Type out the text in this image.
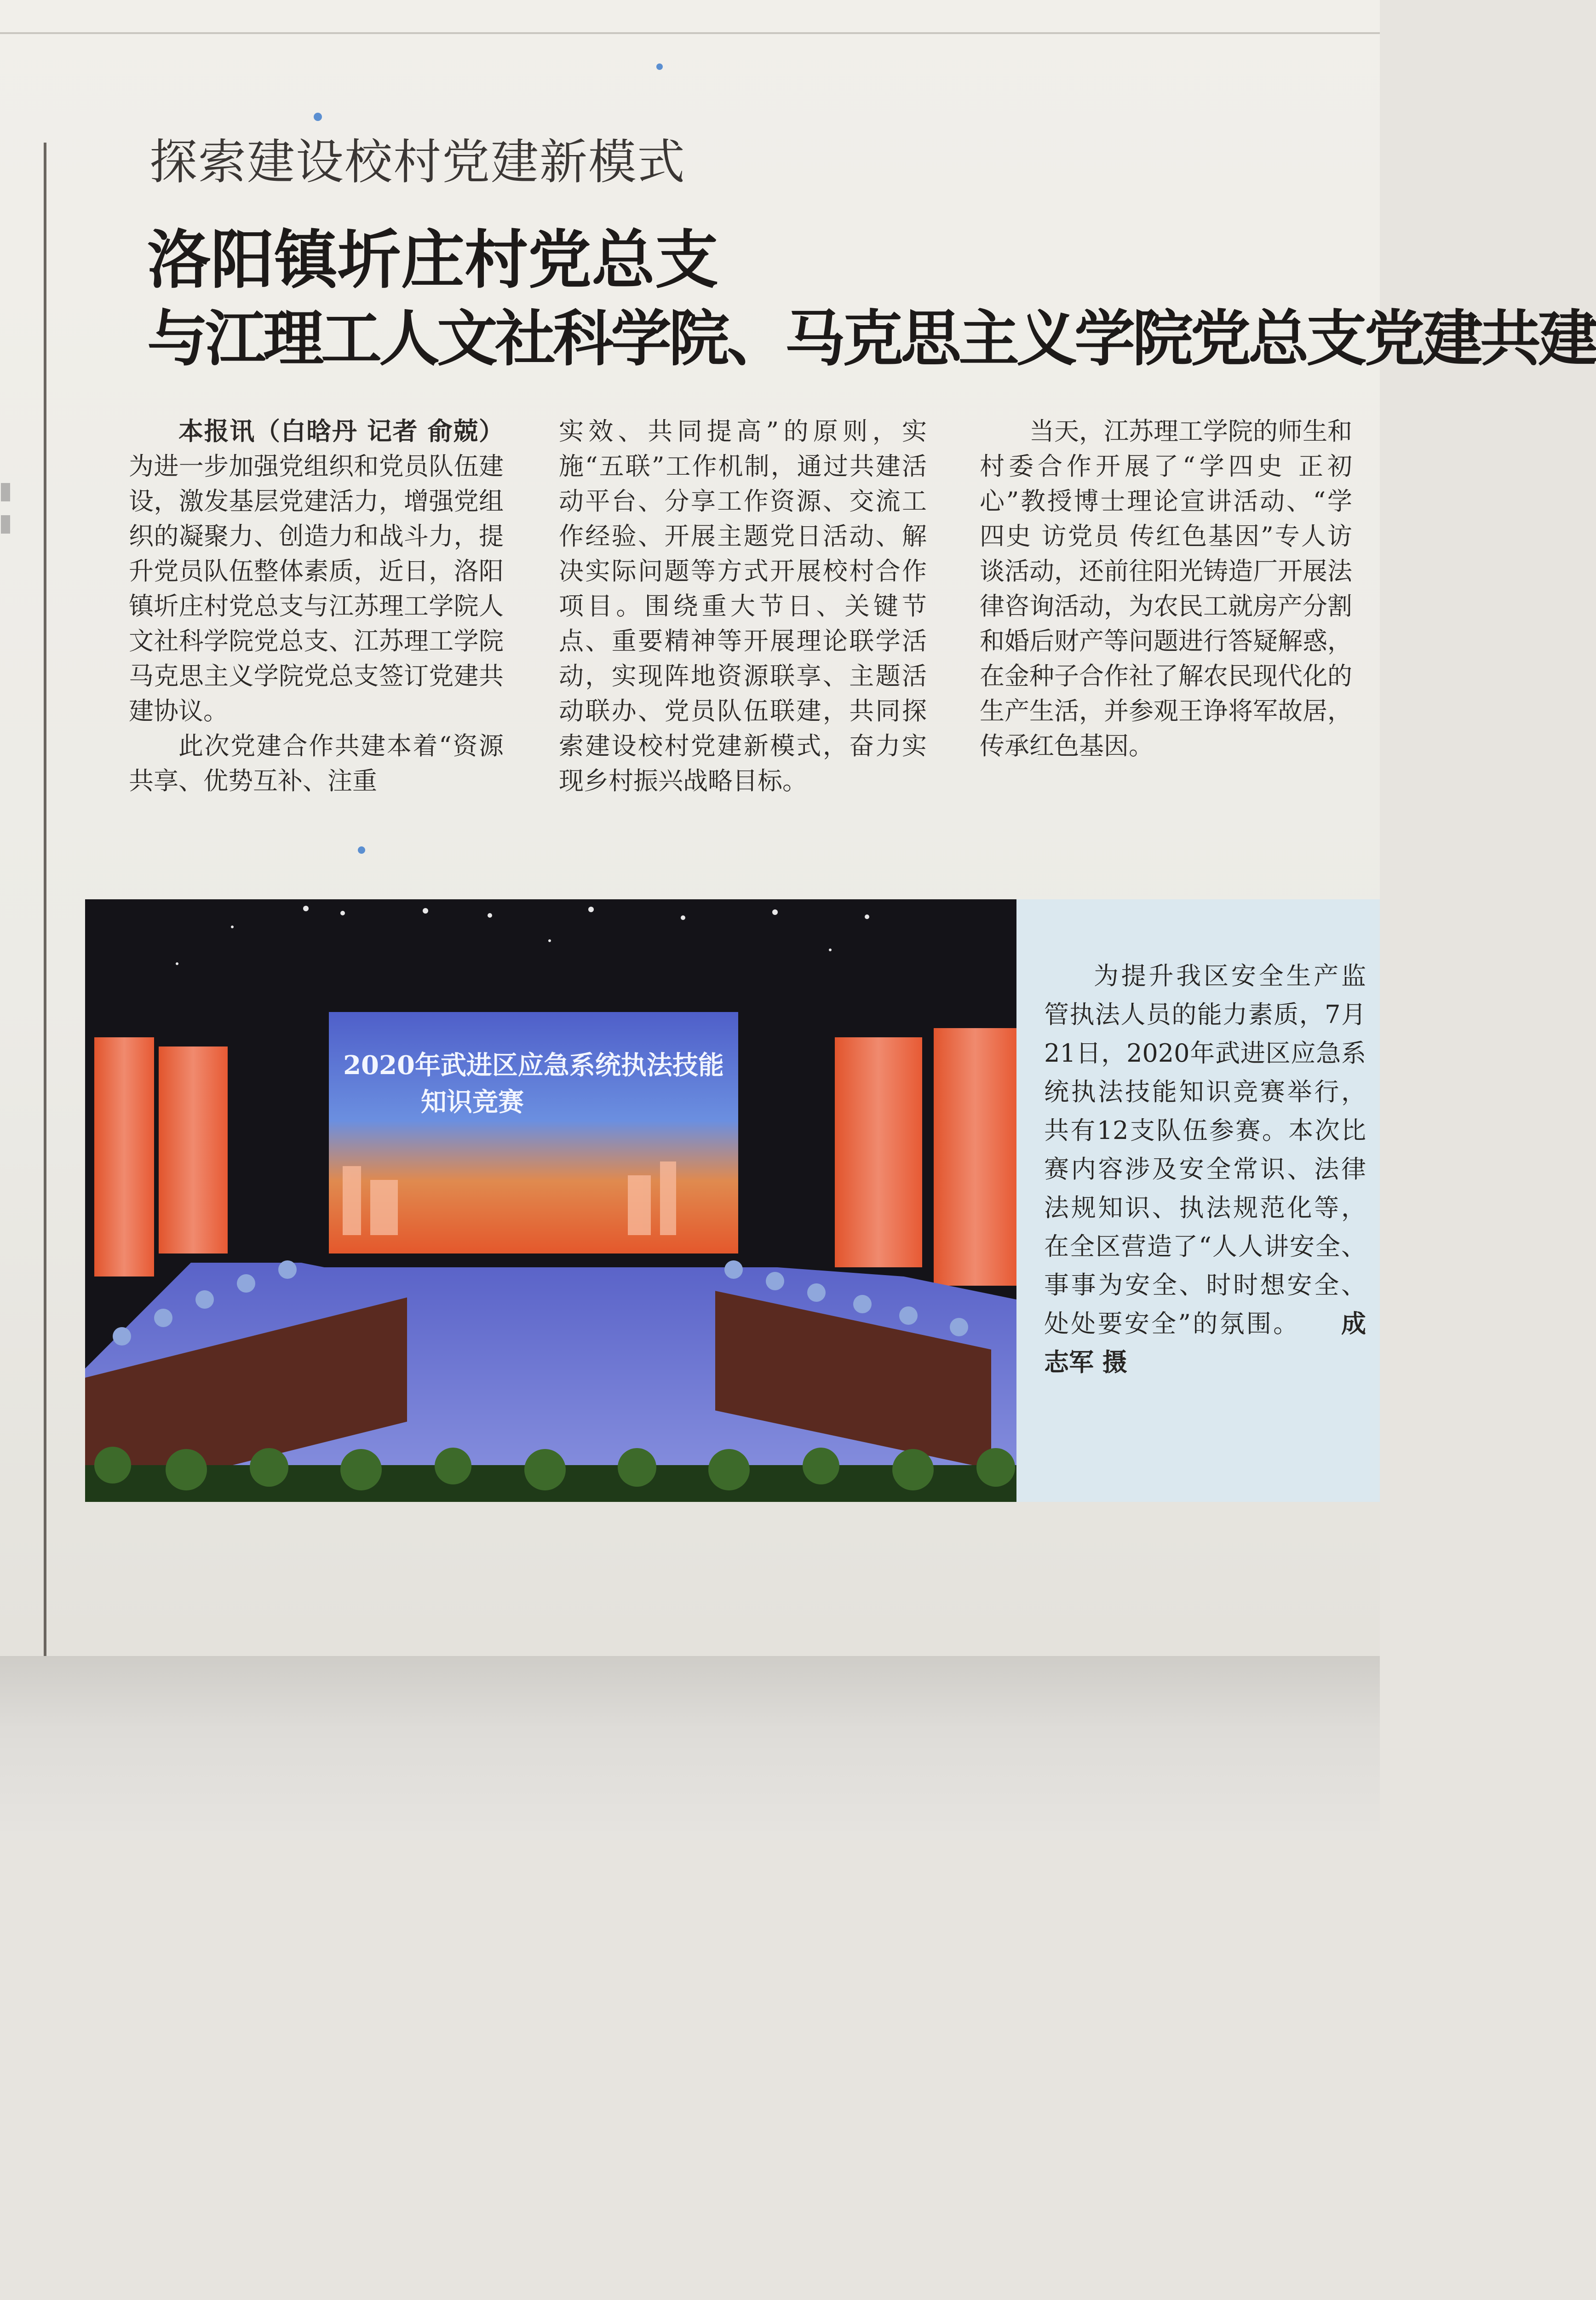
探索建设校村党建新模式
洛阳镇圻庄村党总支
与江理工人文社科学院、马克思主义学院党总支党建共建

本报讯（白晗丹 记者 俞兢）为进一步加强党组织和党员队伍建设，激发基层党建活力，增强党组织的凝聚力、创造力和战斗力，提升党员队伍整体素质，近日，洛阳镇圻庄村党总支与江苏理工学院人文社科学院党总支、江苏理工学院马克思主义学院党总支签订党建共建协议。

此次党建合作共建本着“资源共享、优势互补、注重

实效、共同提高”的原则，实施“五联”工作机制，通过共建活动平台、分享工作资源、交流工作经验、开展主题党日活动、解决实际问题等方式开展校村合作项目。围绕重大节日、关键节点、重要精神等开展理论联学活动，实现阵地资源联享、主题活动联办、党员队伍联建，共同探索建设校村党建新模式，奋力实现乡村振兴战略目标。

当天，江苏理工学院的师生和村委合作开展了“学四史 正初心”教授博士理论宣讲活动、“学四史 访党员 传红色基因”专人访谈活动，还前往阳光铸造厂开展法律咨询活动，为农民工就房产分割和婚后财产等问题进行答疑解惑，在金种子合作社了解农民现代化的生产生活，并参观王诤将军故居，传承红色基因。

2020年武进区应急系统执法技能
知识竞赛

为提升我区安全生产监管执法人员的能力素质，7月21日，2020年武进区应急系统执法技能知识竞赛举行，共有12支队伍参赛。本次比赛内容涉及安全常识、法律法规知识、执法规范化等，在全区营造了“人人讲安全、事事为安全、时时想安全、处处要安全”的氛围。　　 成志军 摄
